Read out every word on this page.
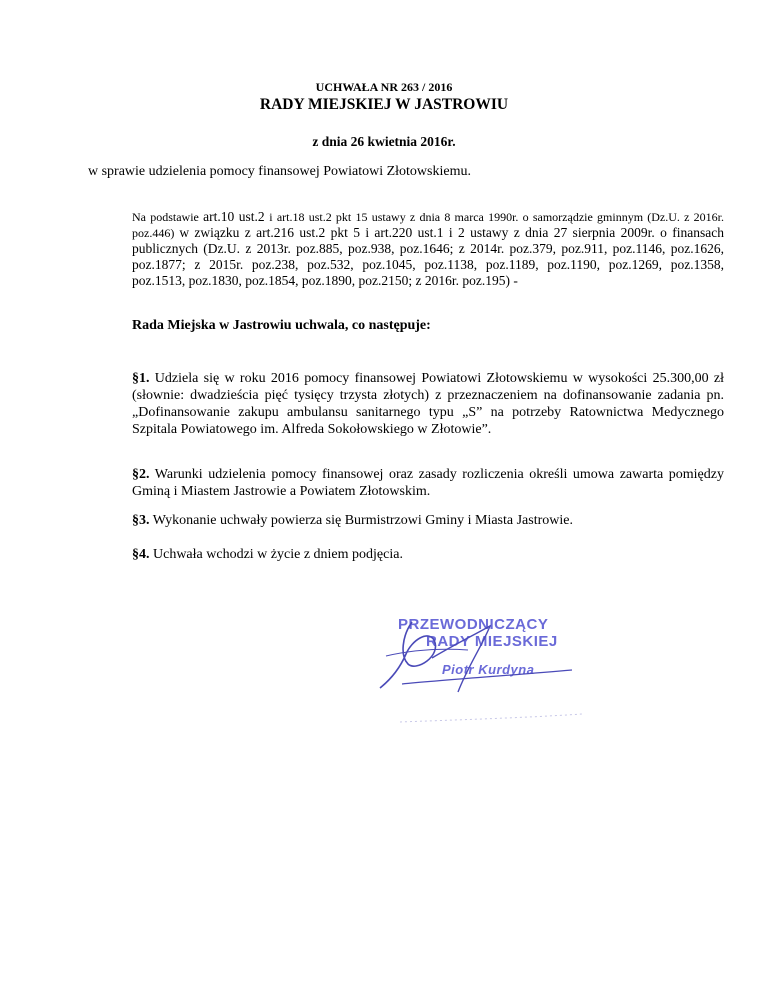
UCHWAŁA NR 263 / 2016
RADY MIEJSKIEJ W JASTROWIU
z dnia 26 kwietnia 2016r.
w sprawie udzielenia pomocy finansowej Powiatowi Złotowskiemu.
Na podstawie art.10 ust.2 i art.18 ust.2 pkt 15 ustawy z dnia 8 marca 1990r. o samorządzie gminnym (Dz.U. z 2016r. poz.446) w związku z art.216 ust.2 pkt 5 i art.220 ust.1 i 2 ustawy z dnia 27 sierpnia 2009r. o finansach publicznych (Dz.U. z 2013r. poz.885, poz.938, poz.1646; z 2014r. poz.379, poz.911, poz.1146, poz.1626, poz.1877; z 2015r. poz.238, poz.532, poz.1045, poz.1138, poz.1189, poz.1190, poz.1269, poz.1358, poz.1513, poz.1830, poz.1854, poz.1890, poz.2150; z 2016r. poz.195) -
Rada Miejska w Jastrowiu uchwala, co następuje:
§1. Udziela się w roku 2016 pomocy finansowej Powiatowi Złotowskiemu w wysokości 25.300,00 zł (słownie: dwadzieścia pięć tysięcy trzysta złotych) z przeznaczeniem na dofinansowanie zadania pn. „Dofinansowanie zakupu ambulansu sanitarnego typu „S” na potrzeby Ratownictwa Medycznego Szpitala Powiatowego im. Alfreda Sokołowskiego w Złotowie”.
§2. Warunki udzielenia pomocy finansowej oraz zasady rozliczenia określi umowa zawarta pomiędzy Gminą i Miastem Jastrowie a Powiatem Złotowskim.
§3. Wykonanie uchwały powierza się Burmistrzowi Gminy i Miasta Jastrowie.
§4. Uchwała wchodzi w życie z dniem podjęcia.
PRZEWODNICZĄCY
RADY MIEJSKIEJ
Piotr Kurdyna
